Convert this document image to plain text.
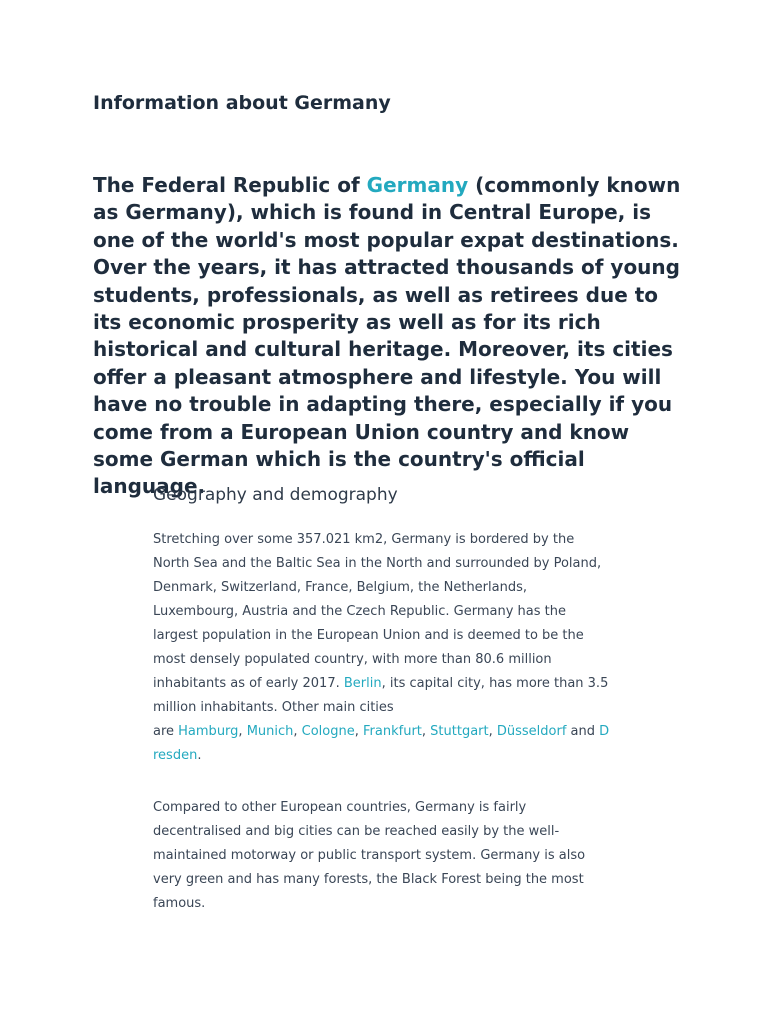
Information about Germany

The Federal Republic of Germany (commonly known as Germany), which is found in Central Europe, is one of the world's most popular expat destinations. Over the years, it has attracted thousands of young students, professionals, as well as retirees due to its economic prosperity as well as for its rich historical and cultural heritage. Moreover, its cities offer a pleasant atmosphere and lifestyle. You will have no trouble in adapting there, especially if you come from a European Union country and know some German which is the country's official language.

Geography and demography

Stretching over some 357.021 km2, Germany is bordered by the
North Sea and the Baltic Sea in the North and surrounded by Poland,
Denmark, Switzerland, France, Belgium, the Netherlands,
Luxembourg, Austria and the Czech Republic. Germany has the
largest population in the European Union and is deemed to be the
most densely populated country, with more than 80.6 million
inhabitants as of early 2017. Berlin, its capital city, has more than 3.5
million inhabitants. Other main cities
are Hamburg, Munich, Cologne, Frankfurt, Stuttgart, Düsseldorf and D
resden.

Compared to other European countries, Germany is fairly
decentralised and big cities can be reached easily by the well-
maintained motorway or public transport system. Germany is also
very green and has many forests, the Black Forest being the most
famous.
